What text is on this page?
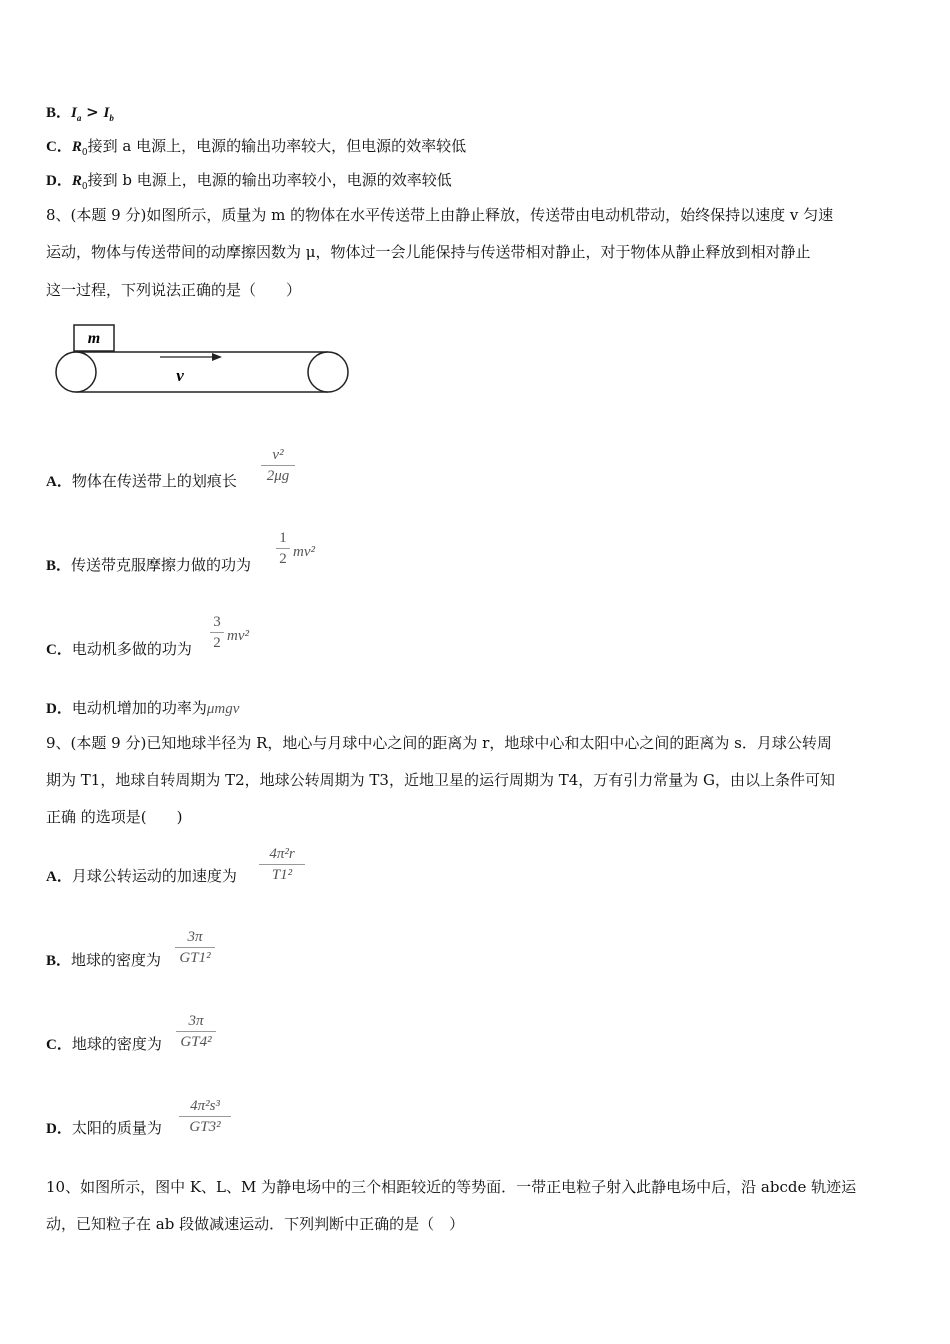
B．$I_a > I_b$
C．$R_0$接到 a 电源上，电源的输出功率较大，但电源的效率较低
D．$R_0$接到 b 电源上，电源的输出功率较小，电源的效率较低
8、(本题 9 分)如图所示，质量为 m 的物体在水平传送带上由静止释放，传送带由电动机带动，始终保持以速度 v 匀速
运动，物体与传送带间的动摩擦因数为 μ，物体过一会儿能保持与传送带相对静止，对于物体从静止释放到相对静止
这一过程，下列说法正确的是（　　）
m
v
A．物体在传送带上的划痕长
v²
2μg
B．传送带克服摩擦力做的功为
1
2 mv²
C．电动机多做的功为
3
2 mv²
D．电动机增加的功率为μmgv
9、(本题 9 分)已知地球半径为 R，地心与月球中心之间的距离为 r，地球中心和太阳中心之间的距离为 s．月球公转周
期为 T1，地球自转周期为 T2，地球公转周期为 T3，近地卫星的运行周期为 T4，万有引力常量为 G，由以上条件可知
正确 的选项是(　　)
A．月球公转运动的加速度为
4π²r
T1²
B．地球的密度为
3π
GT1²
C．地球的密度为
3π
GT4²
D．太阳的质量为
4π²s³
GT3²
10、如图所示，图中 K、L、M 为静电场中的三个相距较近的等势面．一带正电粒子射入此静电场中后，沿 abcde 轨迹运
动，已知粒子在 ab 段做减速运动．下列判断中正确的是（　）
